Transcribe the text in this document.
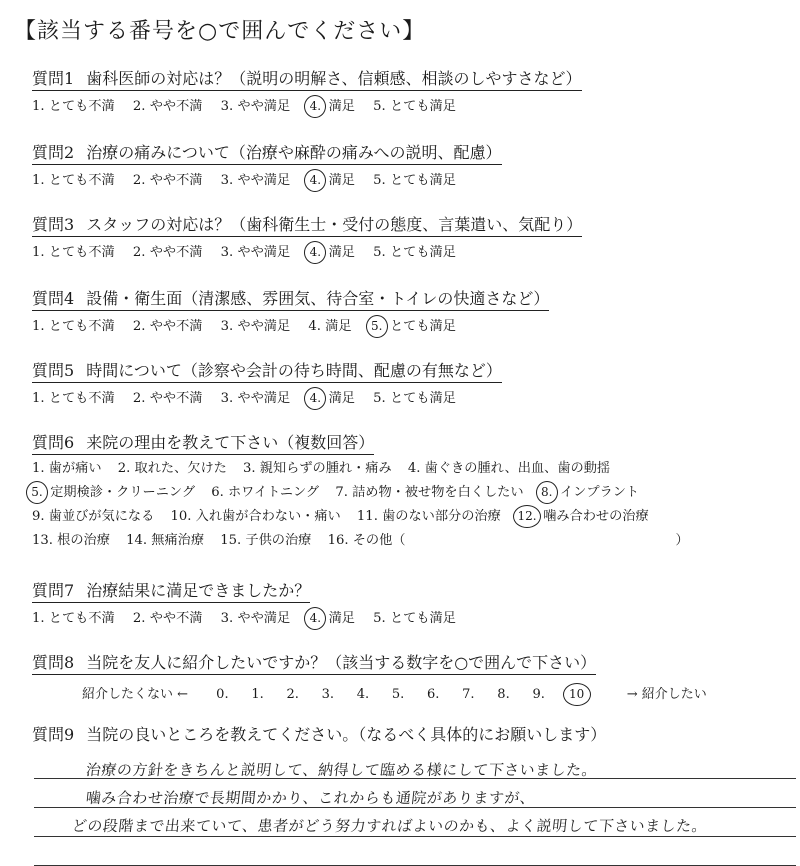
【該当する番号を○で囲んでください】
質問1 歯科医師の対応は？（説明の明解さ、信頼感、相談のしやすさなど）
1. とても不満 2. やや不満 3. やや満足 4. 満足 5. とても満足
質問2 治療の痛みについて（治療や麻酔の痛みへの説明、配慮）
1. とても不満 2. やや不満 3. やや満足 4. 満足 5. とても満足
質問3 スタッフの対応は？（歯科衛生士・受付の態度、言葉遣い、気配り）
1. とても不満 2. やや不満 3. やや満足 4. 満足 5. とても満足
質問4 設備・衛生面（清潔感、雰囲気、待合室・トイレの快適さなど）
1. とても不満 2. やや不満 3. やや満足 4. 満足 5. とても満足
質問5 時間について（診察や会計の待ち時間、配慮の有無など）
1. とても不満 2. やや不満 3. やや満足 4. 満足 5. とても満足
質問6 来院の理由を教えて下さい（複数回答）
1. 歯が痛い 2. 取れた、欠けた 3. 親知らずの腫れ・痛み 4. 歯ぐきの腫れ、出血、歯の動揺
5. 定期検診・クリーニング 6. ホワイトニング 7. 詰め物・被せ物を白くしたい 8. インプラント
9. 歯並びが気になる 10. 入れ歯が合わない・痛い 11. 歯のない部分の治療 12. 噛み合わせの治療
13. 根の治療 14. 無痛治療 15. 子供の治療 16. その他（	）
質問7 治療結果に満足できましたか？
1. とても不満 2. やや不満 3. やや満足 4. 満足 5. とても満足
質問8 当院を友人に紹介したいですか？（該当する数字を○で囲んで下さい）
紹介したくない ← 0. 1. 2. 3. 4. 5. 6. 7. 8. 9. 10	→ 紹介したい
質問9 当院の良いところを教えてください。（なるべく具体的にお願いします）
治療の方針をきちんと説明して、納得して臨める様にして下さいました。
噛み合わせ治療で長期間かかり、これからも通院がありますが、
どの段階まで出来ていて、患者がどう努力すればよいのかも、よく説明して下さいました。
